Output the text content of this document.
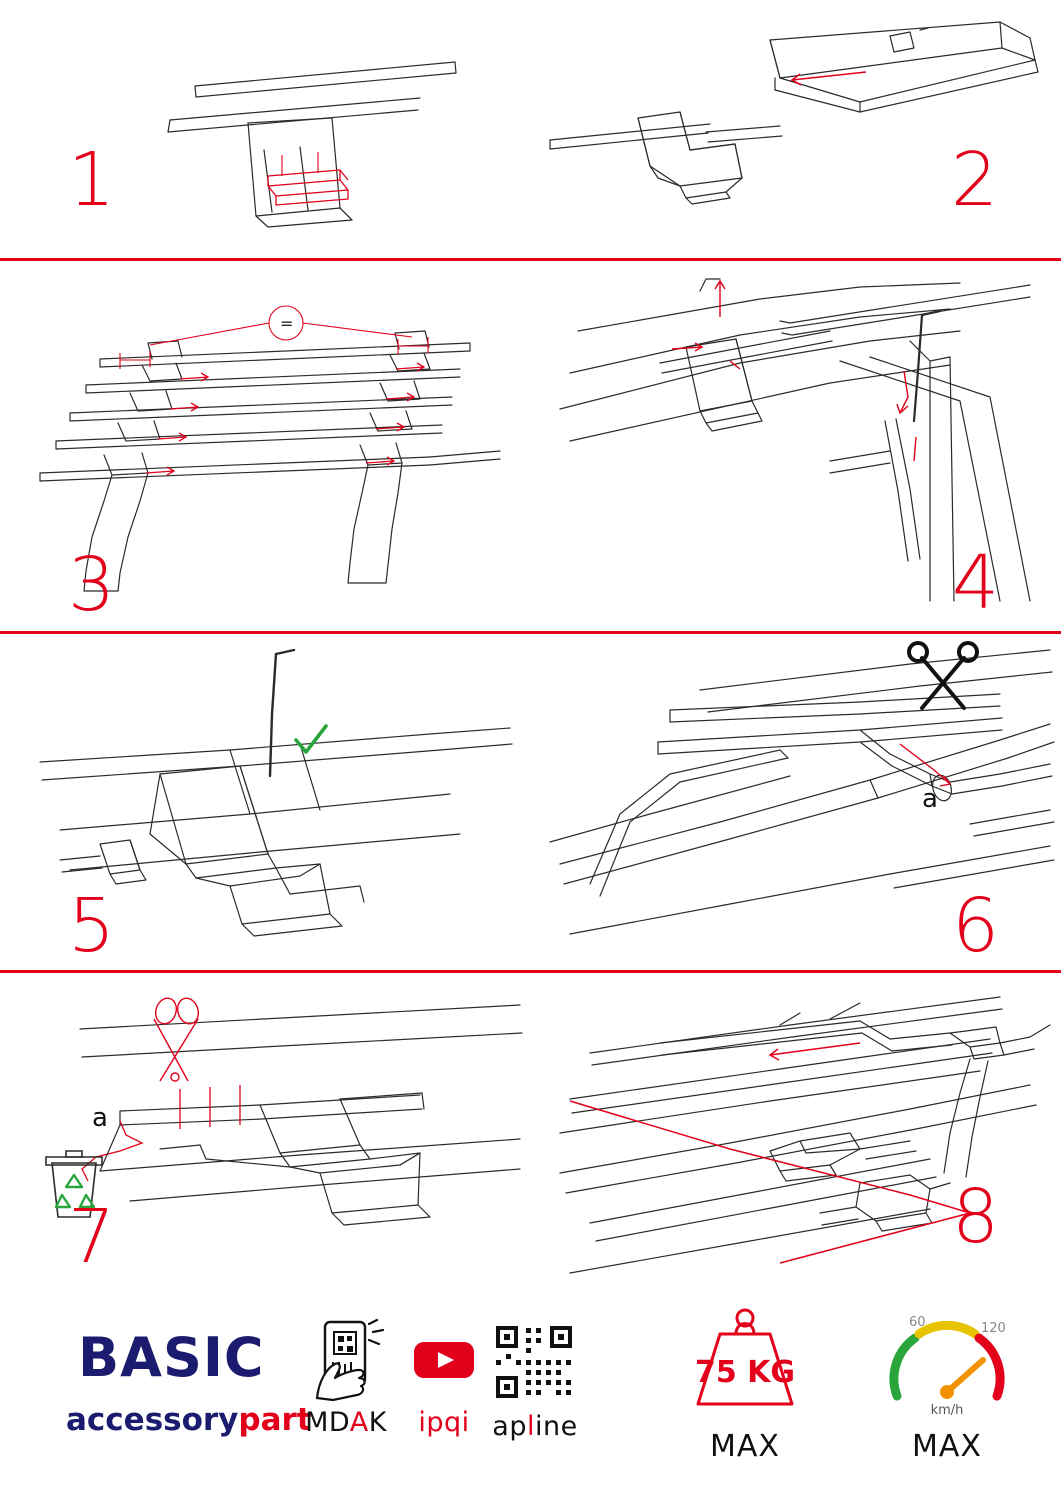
1	2
=
3	4
5
a
6
a
7	8
BASIC
accessorypart
MDAK	ipqi apline
75 KG
MAX
60	120
km/h
MAX
